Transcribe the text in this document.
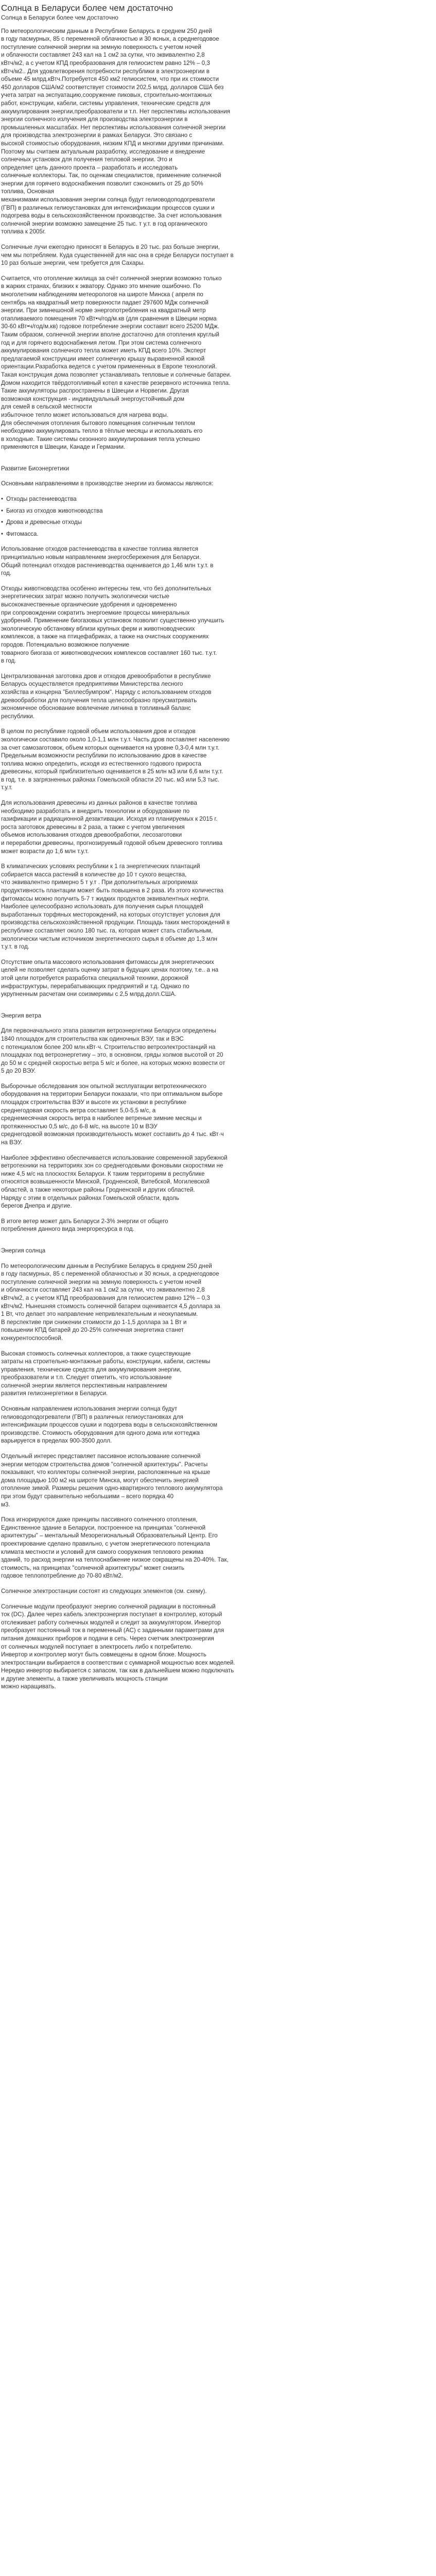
Солнца в Беларуси более чем достаточно
Солнца в Беларуси более чем достаточно

По метеорологическим данным в Республике Беларусь в среднем 250 дней
в году пасмурных, 85 с переменной облачностью и 30 ясных, а среднегодовое
поступление солнечной энергии на земную поверхность с учетом ночей
и облачности составляет 243 кал на 1 см2 за сутки, что эквивалентно 2,8
кВтч/м2, а с учетом КПД преобразования для гелиосистем равно 12% – 0,3
кВтч/м2.. Для удовлетворения потребности республики в электроэнергии в
объеме 45 млрд.кВтч.Потребуется 450 км2 гелиосистем, что при их стоимости
450 долларов США/м2 соответствует стоимости 202,5 млрд. долларов США без
учета затрат на экспуатацию,сооружение пиковых, строительно-монтажных
работ, конструкции, кабели, системы управления, технические средств для
аккумулирования энергии,преобразователи и т.п. Нет перспективы использования
энергии солнечного излучения для производства электроэнергии в
промышленных масштабах. Нет перспективы использования солнечной энергии
для производства электроэнергии в рамках Беларуси. Это связано с
высокой стоимостью оборудования, низким КПД и многими другими причинами.
Поэтому мы считаем актуальным разработку, исследование и внедрение
солнечных установок для получения тепловой энергии. Это и
определяет цель данного проекта – разработать и исследовать
солнечные коллекторы. Так, по оценкам специалистов, применение солнечной
энергии для горячего водоснабжения позволит сэкономить от 25 до 50%
топлива, Основная
механизмами использования энергии солнца будут гелиоводоподогреватели
(ГВП) в различных гелиоустановках для интенсификации процессов сушки и
подогрева воды в сельскохозяйственном производстве. За счет использования
солнечной энергии возможно замещение 25 тыс. т у.т. в год органического
топлива к 2005г.

Солнечные лучи ежегодно приносят в Беларусь в 20 тыс. раз больше энергии,
чем мы потребляем. Куда существенней для нас она в среде Беларуси поступает в
10 раз больше энергии, чем требуется для Сахары.

Считается, что отопление жилища за счёт солнечной энергии возможно только
в жарких странах, близких к экватору. Однако это мнение ошибочно. По
многолетним наблюдениям метеорологов на широте Минска ( апреля по
сентябрь на квадратный метр поверхности падает 297600 МДж солнечной
энергии. При зимнешоной норме энергопотребления на квадратный метр
отапливаемого помещения 70 кВт•ч/год/м.кв (для сравнения в Швеции норма
30-60 кВт•ч/год/м.кв) годовое потребление энергии составит всего 25200 МДж.
Таким образом, солнечной энергии вполне достаточно для отопления круглый
год и для горячего водоснабжения летом. При этом система солнечного
аккумулирования солнечного тепла может иметь КПД всего 10%. Эксперт
предлагаемой конструкции имеет солнечную крышу выравненной южной
ориентации.Разработка ведется с учетом примененных в Европе технологий.
Такая конструкция дома позволяет устанавливать тепловые и солнечные батареи.
Домом находится твёрдотопливный котел в качестве резервного источника тепла.
Такие аккумуляторы распространены в Швеции и Норвегии. Другая
возможная конструкция - индивидуальный энергоустойчивый дом
для семей в сельской местности
избыточное тепло может использоваться для нагрева воды.
Для обеспечения отопления бытового помещения солнечным теплом
необходимо аккумулировать тепло в тёплые месяцы и использовать его
в холодные. Такие системы сезонного аккумулирования тепла успешно
применяются в Швеции, Канаде и Германии.

Развитие Биоэнергетики

Основными направлениями в производстве энергии из биомассы являются:

• Отходы растениеводства
• Биогаз из отходов животноводства
• Дрова и древесные отходы
• Фитомасса.

Использование отходов растениеводства в качестве топлива является
принципиально новым направлением энергосбережения для Беларуси.
Общий потенциал отходов растениеводства оценивается до 1,46 млн т.у.т. в
год.

Отходы животноводства особенно интересны тем, что без дополнительных
энергетических затрат можно получить экологически чистые
высококачественные органические удобрения и одновременно
при сопровождении сократить энергоемкие процессы минеральных
удобрений. Применение биогазовых установок позволит существенно улучшить
экологическую обстановку вблизи крупных ферм и животноводческих
комплексов, а также на птицефабриках, а также на очистных сооружениях
городов. Потенциально возможное получение
товарного биогаза от животноводческих комплексов составляет 160 тыс. т.у.т.
в год.

Централизованная заготовка дров и отходов древообработки в республике
Беларусь осуществляется предприятиями Министерства лесного
хозяйства и концерна "Беллесбумпром". Наряду с использованием отходов
древообработки для получения тепла целесообразно преусматривать
экономичное обоснование вовлечение лигнина в топливный баланс
республики.

В целом по республике годовой объем использования дров и отходов
экологически составило около 1,0-1,1 млн т.у.т. Часть дров поставляет населению
за счет самозаготовок, объем которых оценивается на уровне 0,3-0,4 млн т.у.т.
Предельным возможности республики по использованию дров в качестве
топлива можно определить, исходя из естественного годового прироста
древесины, который приблизительно оценивается в 25 млн м3 или 6,6 млн т.у.т.
в год, т.е. в загрязненных районах Гомельской области 20 тыс. м3 или 5,3 тыс.
т.у.т.

Для использования древесины из данных районов в качестве топлива
необходимо разработать и внедрить технологии и оборудование по
газификации и радиационной дезактивации. Исходя из планируемых к 2015 г.
роста заготовок древесины в 2 раза, а также с учетом увеличения
объемов использования отходов древообработки, лесозаготовки
и переработки древесины, прогнозируемый годовой объем древесного топлива
может возрасти до 1,6 млн т.у.т.

В климатических условиях республики к 1 га энергетических плантаций
собирается масса растений в количестве до 10 т сухого вещества,
что эквивалентно примерно 5 т у.т . При дополнительных агроприемах
продуктивность плантации может быть повышена в 2 раза. Из этого количества
фитомассы можно получить 5-7 т жидких продуктов эквивалентных нефти.
Наиболее целесообразно использовать для получения сырья площадей
выработанных торфяных месторождений, на которых отсутствует условия для
производства сельскохозяйственной продукции. Площадь таких месторождений в
республике составляет около 180 тыс. га, которая может стать стабильным,
экологически чистым источником энергетического сырья в объеме до 1,3 млн
т.у.т. в год.

Отсутствие опыта массового использования фитомассы для энергетических
целей не позволяет сделать оценку затрат в будущих ценах поэтому, т.е.. а на
этой цели потребуется разработка специальной техники, дорожной
инфраструктуры, перерабатывающих предприятий и т.д. Однако по
укрупненным расчетам они соизмеримы с 2,5 млрд.долл.США.

Энергия ветра

Для первоначального этапа развития ветроэнергетики Беларуси определены
1840 площадок для строительства как одиночных ВЭУ, так и ВЭС
с потенциалом более 200 млн.кВт·ч. Строительство ветроэлектростанций на
площадках под ветроэнергетику – это, в основном, гряды холмов высотой от 20
до 50 м с средней скоростью ветра 5 м/с и более, на которых можно возвести от
5 до 20 ВЭУ.

Выборочные обследования зон опытной эксплуатации ветротехнического
оборудования на территории Беларуси показали, что при оптимальном выборе
площадок строительства ВЭУ и высоте их установки в республике
среднегодовая скорость ветра составляет 5,0-5,5 м/с, а
среднемесячная скорость ветра в наиболее ветреные зимние месяцы и
протяженностью 0,5 м/с, до 6-8 м/с, на высоте 10 м ВЭУ
среднегодовой возможная производительность может составить до 4 тыс. кВт·ч
на ВЭУ.

Наиболее эффективно обеспечивается использование современной зарубежной
ветротехники на территориях зон со среднегодовыми фоновыми скоростями не
ниже 4,5 м/с на плоскостях Беларуси. К таким территориям в республике
относятся возвышенности Минской, Гродненской, Витебской, Могилевской
областей, а также некоторые районы Гродненской и других областей.
Наряду с этим в отдельных районах Гомельской области, вдоль
берегов Днепра и другие.

В итоге ветер может дать Беларуси 2-3% энергии от общего
потребления данного вида энергоресурса в год.

Энергия солнца

По метеорологическим данным в Республике Беларусь в среднем 250 дней
в году пасмурных, 85 с переменной облачностью и 30 ясных, а среднегодовое
поступление солнечной энергии на земную поверхность с учетом ночей
и облачности составляет 243 кал на 1 см2 за сутки, что эквивалентно 2,8
кВтч/м2, а с учетом КПД преобразования для гелиосистем равно 12% – 0,3
кВтч/м2. Нынешняя стоимость солнечной батареи оценивается 4,5 доллара за
1 Вт, что делает это направление непривлекательным и неокупаемым.
В перспективе при снижении стоимости до 1-1,5 доллара за 1 Вт и
повышении КПД батарей до 20-25% солнечная энергетика станет
конкурентоспособной.

Высокая стоимость солнечных коллекторов, а также существующие
затраты на строительно-монтажные работы, конструкции, кабели, системы
управления, технические средств для аккумулирования энергии,
преобразователи и т.п. Следует отметить, что использование
солнечной энергии является перспективным направлением
развития гелиоэнергетики в Беларуси.

Основным направлением использования энергии солнца будут
гелиоводоподогреватели (ГВП) в различных гелиоустановках для
интенсификации процессов сушки и подогрева воды в сельскохозяйственном
производстве. Стоимость оборудования для одного дома или коттеджа
варьируется в пределах 900-3500 долл.

Отдельный интерес представляет пассивное использование солнечной
энергии методом строительства домов "солнечной архитектуры". Расчеты
показывают, что коллекторы солнечной энергии, расположенные на крыше
дома площадью 100 м2 на широте Минска, могут обеспечить энергией
отопление зимой. Размеры решения одно-квартирного теплового аккумулятора
при этом будут сравнительно небольшими – всего порядка 40
м3.

Пока игнорируются даже принципы пассивного солнечного отопления,
Единственное здание в Беларуси, построенное на принципах "солнечной
архитектуры" – ментальный Мезорегиональный Образовательный Центр. Его
проектирование сделано правильно, с учетом энергетического потенциала
климата местности и условий для самого сооружения теплового режима
зданий, то расход энергии на теплоснабжение низкое сокращены на 20-40%. Так,
стоимость, на принципах "солнечной архитектуры" может снизить
годовое теплопотребление до 70-80 кВт/м2.

Солнечное электростанции состоят из следующих элементов (см. схему).

Солнечные модули преобразуют энергию солнечной радиации в постоянный
ток (DC). Далее через кабель электроэнергия поступает в контроллер, который
отслеживает работу солнечных модулей и следит за аккумулятором. Инвертор
преобразует постоянный ток в переменный (AC) с заданными параметрами для
питания домашних приборов и подачи в сеть. Через счетчик электроэнергия
от солнечных модулей поступает в электросеть либо к потребителю.
Инвертор и контроллер могут быть совмещены в одном блоке. Мощность
электростанции выбирается в соответствии с суммарной мощностью всех моделей.
Нередко инвертор выбирается с запасом, так как в дальнейшем можно подключать
и другие элементы, а также увеличивать мощность станции
можно наращивать.
